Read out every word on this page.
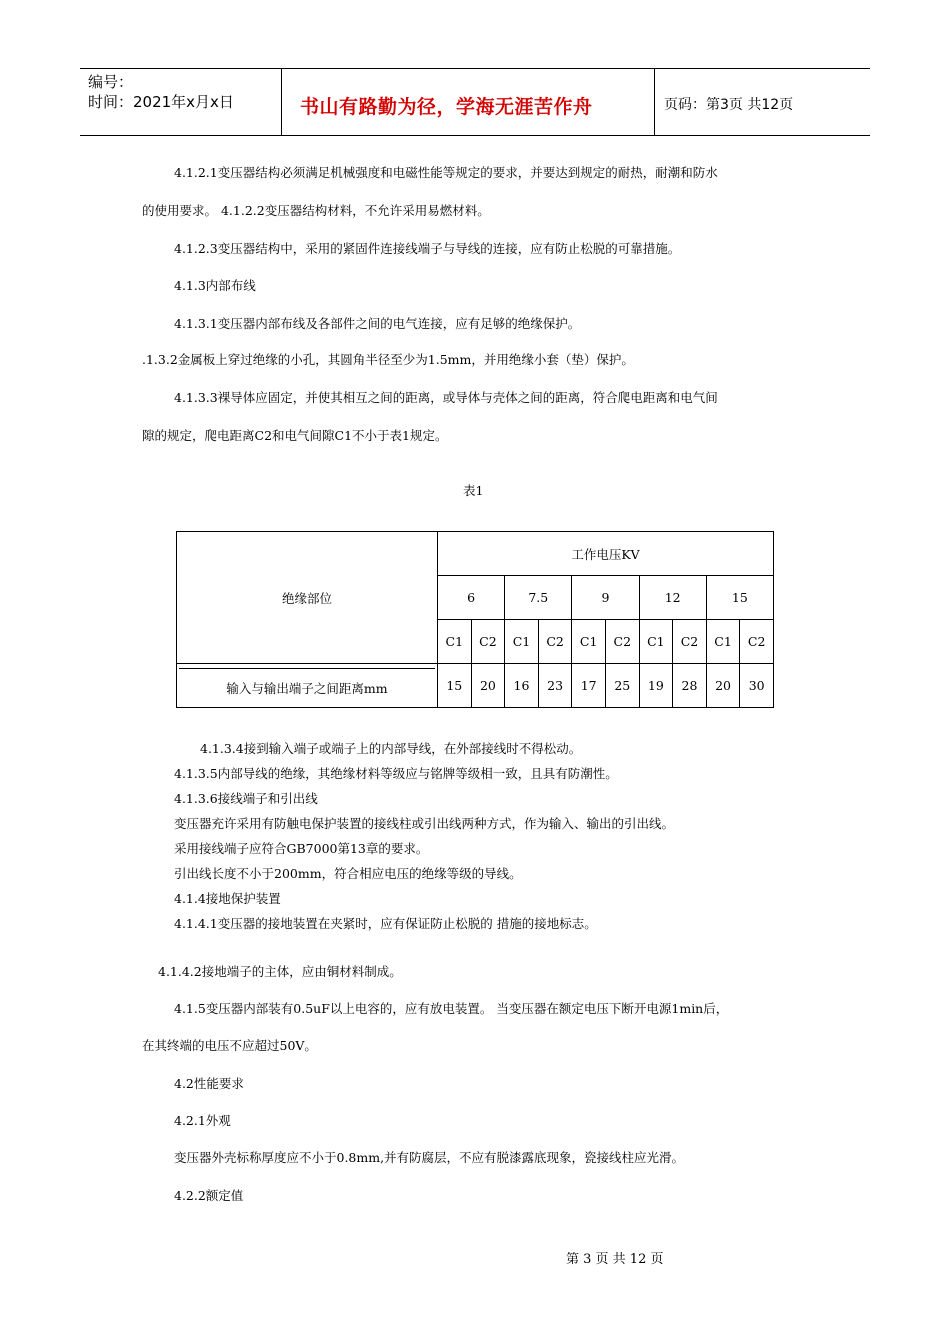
编号：
时间：2021年x月x日	书山有路勤为径，学海无涯苦作舟	页码：第3页 共12页
4.1.2.1变压器结构必须满足机械强度和电磁性能等规定的要求，并要达到规定的耐热，耐潮和防水
的使用要求。 4.1.2.2变压器结构材料，不允许采用易燃材料。
4.1.2.3变压器结构中，采用的紧固件连接线端子与导线的连接，应有防止松脱的可靠措施。
4.1.3内部布线
4.1.3.1变压器内部布线及各部件之间的电气连接，应有足够的绝缘保护。
.1.3.2金属板上穿过绝缘的小孔，其圆角半径至少为1.5mm，并用绝缘小套（垫）保护。
4.1.3.3裸导体应固定，并使其相互之间的距离，或导体与壳体之间的距离，符合爬电距离和电气间
隙的规定，爬电距离C2和电气间隙C1不小于表1规定。
表1
绝缘部位	工作电压KV									
	6		7.5		9		12		15	
	C1	C2	C1	C2	C1	C2	C1	C2	C1	C2

输入与输出端子之间距离mm	15	20	16	23	17	25	19	28	20	30
4.1.3.4接到输入端子或端子上的内部导线，在外部接线时不得松动。
4.1.3.5内部导线的绝缘，其绝缘材料等级应与铭牌等级相一致，且具有防潮性。
4.1.3.6接线端子和引出线
变压器充许采用有防触电保护装置的接线柱或引出线两种方式，作为输入、输出的引出线。
采用接线端子应符合GB7000第13章的要求。
引出线长度不小于200mm，符合相应电压的绝缘等级的导线。
4.1.4接地保护装置
4.1.4.1变压器的接地装置在夹紧时，应有保证防止松脱的 措施的接地标志。
4.1.4.2接地端子的主体，应由铜材料制成。
4.1.5变压器内部装有0.5uF以上电容的，应有放电装置。 当变压器在额定电压下断开电源1min后，
在其终端的电压不应超过50V。
4.2性能要求
4.2.1外观
变压器外壳标称厚度应不小于0.8mm,并有防腐层，不应有脱漆露底现象，瓷接线柱应光滑。
4.2.2额定值
第 3 页 共 12 页
